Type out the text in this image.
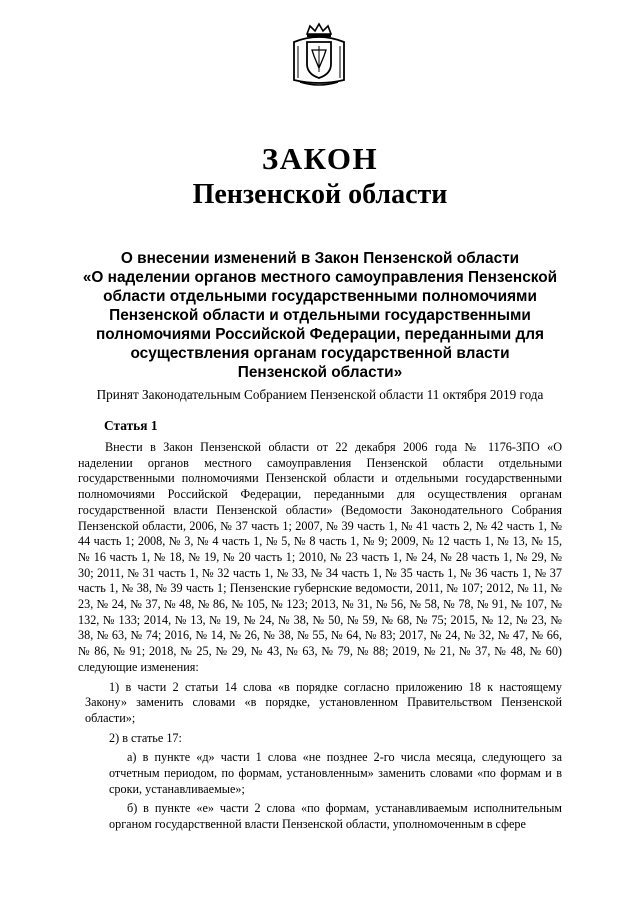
ЗАКОН
Пензенской области
О внесении изменений в Закон Пензенской области
«О наделении органов местного самоуправления Пензенской
области отдельными государственными полномочиями
Пензенской области и отдельными государственными
полномочиями Российской Федерации, переданными для
осуществления органам государственной власти
Пензенской области»
Принят Законодательным Собранием Пензенской области 11 октября 2019 года
Статья 1

Внести в Закон Пензенской области от 22 декабря 2006 года № 1176-ЗПО «О наделении органов местного самоуправления Пензенской области отдельными государственными полномочиями Пензенской области и отдельными государственными полномочиями Российской Федерации, переданными для осуществления органам государственной власти Пензенской области» (Ведомости Законодательного Собрания Пензенской области, 2006, № 37 часть 1; 2007, № 39 часть 1, № 41 часть 2, № 42 часть 1, № 44 часть 1; 2008, № 3, № 4 часть 1, № 5, № 8 часть 1, № 9; 2009, № 12 часть 1, № 13, № 15, № 16 часть 1, № 18, № 19, № 20 часть 1; 2010, № 23 часть 1, № 24, № 28 часть 1, № 29, № 30; 2011, № 31 часть 1, № 32 часть 1, № 33, № 34 часть 1, № 35 часть 1, № 36 часть 1, № 37 часть 1, № 38, № 39 часть 1; Пензенские губернские ведомости, 2011, № 107; 2012, № 11, № 23, № 24, № 37, № 48, № 86, № 105, № 123; 2013, № 31, № 56, № 58, № 78, № 91, № 107, № 132, № 133; 2014, № 13, № 19, № 24, № 38, № 50, № 59, № 68, № 75; 2015, № 12, № 23, № 38, № 63, № 74; 2016, № 14, № 26, № 38, № 55, № 64, № 83; 2017, № 24, № 32, № 47, № 66, № 86, № 91; 2018, № 25, № 29, № 43, № 63, № 79, № 88; 2019, № 21, № 37, № 48, № 60) следующие изменения:

1) в части 2 статьи 14 слова «в порядке согласно приложению 18 к настоящему Закону» заменить словами «в порядке, установленном Правительством Пензенской области»;

2) в статье 17:

а) в пункте «д» части 1 слова «не позднее 2-го числа месяца, следующего за отчетным периодом, по формам, установленным» заменить словами «по формам и в сроки, устанавливаемые»;

б) в пункте «е» части 2 слова «по формам, устанавливаемым исполнительным органом государственной власти Пензенской области, уполномоченным в сфере
